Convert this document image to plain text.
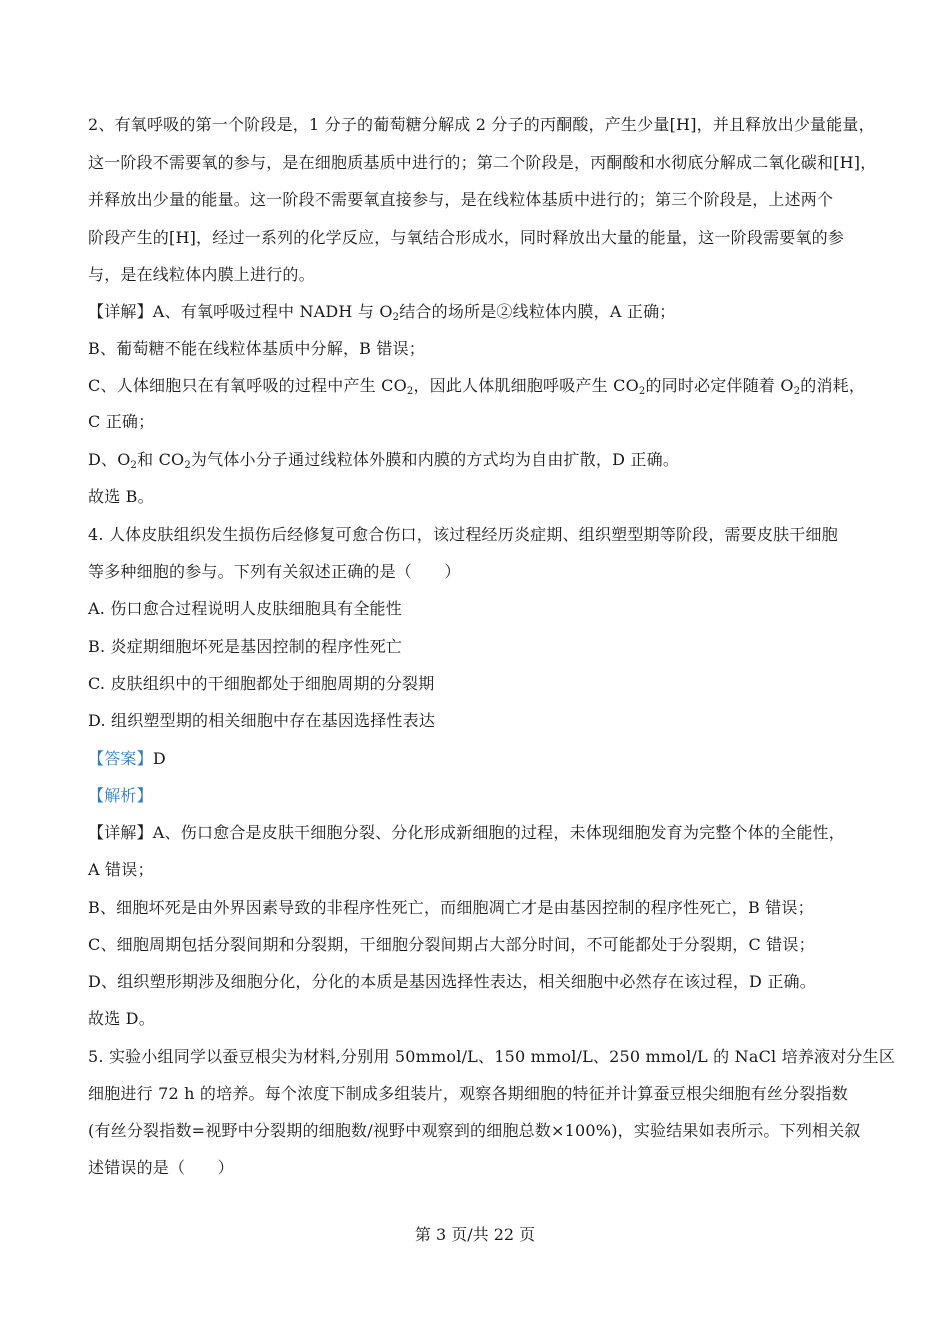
2、有氧呼吸的第一个阶段是，1 分子的葡萄糖分解成 2 分子的丙酮酸，产生少量[H]，并且释放出少量能量，
这一阶段不需要氧的参与，是在细胞质基质中进行的；第二个阶段是，丙酮酸和水彻底分解成二氧化碳和[H]，
并释放出少量的能量。这一阶段不需要氧直接参与，是在线粒体基质中进行的；第三个阶段是，上述两个
阶段产生的[H]，经过一系列的化学反应，与氧结合形成水，同时释放出大量的能量，这一阶段需要氧的参
与，是在线粒体内膜上进行的。
【详解】A、有氧呼吸过程中 NADH 与 $O_2$结合的场所是②线粒体内膜，A 正确；
B、葡萄糖不能在线粒体基质中分解，B 错误；
C、人体细胞只在有氧呼吸的过程中产生 $CO_2$，因此人体肌细胞呼吸产生 $CO_2$的同时必定伴随着 $O_2$的消耗，
C 正确；
D、$O_2$和 $CO_2$为气体小分子通过线粒体外膜和内膜的方式均为自由扩散，D 正确。
故选 B。
4. 人体皮肤组织发生损伤后经修复可愈合伤口，该过程经历炎症期、组织塑型期等阶段，需要皮肤干细胞
等多种细胞的参与。下列有关叙述正确的是（　　）
A. 伤口愈合过程说明人皮肤细胞具有全能性
B. 炎症期细胞坏死是基因控制的程序性死亡
C. 皮肤组织中的干细胞都处于细胞周期的分裂期
D. 组织塑型期的相关细胞中存在基因选择性表达
【答案】D
【解析】
【详解】A、伤口愈合是皮肤干细胞分裂、分化形成新细胞的过程，未体现细胞发育为完整个体的全能性，
A 错误；
B、细胞坏死是由外界因素导致的非程序性死亡，而细胞凋亡才是由基因控制的程序性死亡，B 错误；
C、细胞周期包括分裂间期和分裂期，干细胞分裂间期占大部分时间，不可能都处于分裂期，C 错误；
D、组织塑形期涉及细胞分化，分化的本质是基因选择性表达，相关细胞中必然存在该过程，D 正确。
故选 D。
5. 实验小组同学以蚕豆根尖为材料,分别用 50mmol/L、150 mmol/L、250 mmol/L 的 NaCl 培养液对分生区
细胞进行 72 h 的培养。每个浓度下制成多组装片，观察各期细胞的特征并计算蚕豆根尖细胞有丝分裂指数
(有丝分裂指数=视野中分裂期的细胞数/视野中观察到的细胞总数×100%)，实验结果如表所示。下列相关叙
述错误的是（　　）
第 3 页/共 22 页
